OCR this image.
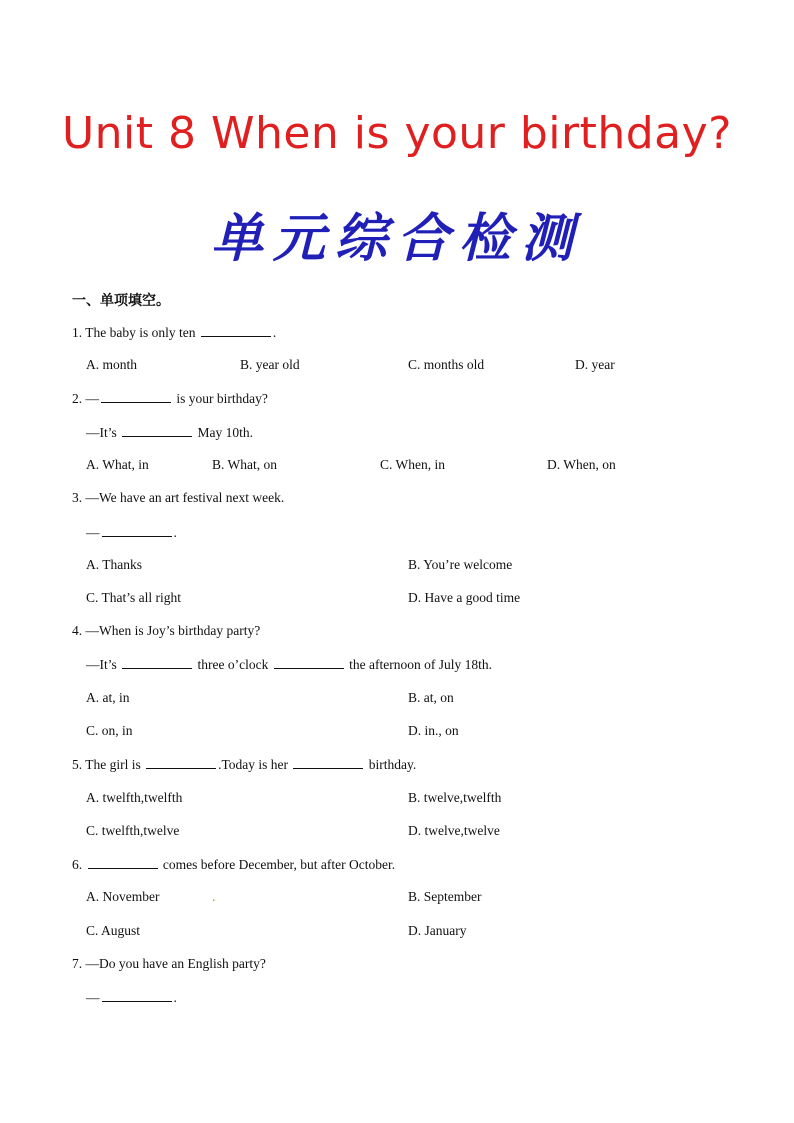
Unit 8 When is your birthday?
单元综合检测
一、单项填空。
1. The baby is only ten	.
A. month	B. year old	C. months old	D. year
2. —	is your birthday?
—It’s	May 10th.
A. What, in	B. What, on	C. When, in	D. When, on
3. —We have an art festival next week.
—	.
A. Thanks	B. You’re welcome
C. That’s all right	D. Have a good time
4. —When is Joy’s birthday party?
—It’s	three o’clock	the afternoon of July 18th.
A. at, in	B. at, on
C. on, in	D. in., on
5. The girl is	.Today is her	birthday.
A. twelfth,twelfth	B. twelve,twelfth
C. twelfth,twelve	D. twelve,twelve
6.	comes before December, but after October.
A. November	.	B. September
C. August	D. January
7. —Do you have an English party?
—	.
